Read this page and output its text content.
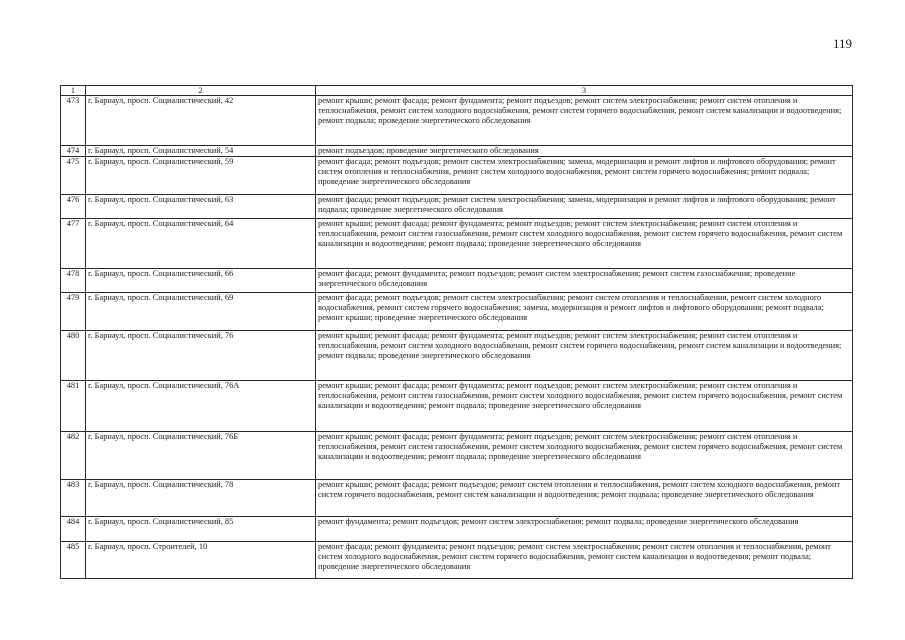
119
1	2	3
473	г. Барнаул, просп. Социалистический, 42	ремонт крыши; ремонт фасада; ремонт фундамента; ремонт подъездов; ремонт систем электроснабжения; ремонт систем отопления и теплоснабжения, ремонт систем холодного водоснабжения, ремонт систем горячего водоснабжения, ремонт систем канализации и водоотведения; ремонт подвала; проведение энергетического обследования
474	г. Барнаул, просп. Социалистический, 54	ремонт подъездов; проведение энергетического обследования
475	г. Барнаул, просп. Социалистический, 59	ремонт фасада; ремонт подъездов; ремонт систем электроснабжения; замена, модернизация и ремонт лифтов и лифтового оборудования; ремонт систем отопления и теплоснабжения, ремонт систем холодного водоснабжения, ремонт систем горячего водоснабжения; ремонт подвала; проведение энергетического обследования
476	г. Барнаул, просп. Социалистический, 63	ремонт фасада; ремонт подъездов; ремонт систем электроснабжения; замена, модернизация и ремонт лифтов и лифтового оборудования; ремонт подвала; проведение энергетического обследования
477	г. Барнаул, просп. Социалистический, 64	ремонт крыши; ремонт фасада; ремонт фундамента; ремонт подъездов; ремонт систем электроснабжения; ремонт систем отопления и теплоснабжения, ремонт систем газоснабжения, ремонт систем холодного водоснабжения, ремонт систем горячего водоснабжения, ремонт систем канализации и водоотведения; ремонт подвала; проведение энергетического обследования
478	г. Барнаул, просп. Социалистический, 66	ремонт фасада; ремонт фундамента; ремонт подъездов; ремонт систем электроснабжения; ремонт систем газоснабжения; проведение энергетического обследования
479	г. Барнаул, просп. Социалистический, 69	ремонт фасада; ремонт подъездов; ремонт систем электроснабжения; ремонт систем отопления и теплоснабжения, ремонт систем холодного водоснабжения, ремонт систем горячего водоснабжения; замена, модернизация и ремонт лифтов и лифтового оборудования; ремонт подвала; ремонт крыши; проведение энергетического обследования
480	г. Барнаул, просп. Социалистический, 76	ремонт крыши; ремонт фасада; ремонт фундамента; ремонт подъездов; ремонт систем электроснабжения; ремонт систем отопления и теплоснабжения, ремонт систем холодного водоснабжения, ремонт систем горячего водоснабжения, ремонт систем канализации и водоотведения; ремонт подвала; проведение энергетического обследования
481	г. Барнаул, просп. Социалистический, 76А	ремонт крыши; ремонт фасада; ремонт фундамента; ремонт подъездов; ремонт систем электроснабжения; ремонт систем отопления и теплоснабжения, ремонт систем газоснабжения, ремонт систем холодного водоснабжения, ремонт систем горячего водоснабжения, ремонт систем канализации и водоотведения; ремонт подвала; проведение энергетического обследования
482	г. Барнаул, просп. Социалистический, 76Б	ремонт крыши; ремонт фасада; ремонт фундамента; ремонт подъездов; ремонт систем электроснабжения; ремонт систем отопления и теплоснабжения, ремонт систем газоснабжения, ремонт систем холодного водоснабжения, ремонт систем горячего водоснабжения, ремонт систем канализации и водоотведения; ремонт подвала; проведение энергетического обследования
483	г. Барнаул, просп. Социалистический, 78	ремонт крыши; ремонт фасада; ремонт подъездов; ремонт систем отопления и теплоснабжения, ремонт систем холодного водоснабжения, ремонт систем горячего водоснабжения, ремонт систем канализации и водоотведения; ремонт подвала; проведение энергетического обследования
484	г. Барнаул, просп. Социалистический, 85	ремонт фундамента; ремонт подъездов; ремонт систем электроснабжения; ремонт подвала; проведение энергетического обследования
485	г. Барнаул, просп. Строителей, 10	ремонт фасада; ремонт фундамента; ремонт подъездов; ремонт систем электроснабжения; ремонт систем отопления и теплоснабжения, ремонт систем холодного водоснабжения, ремонт систем горячего водоснабжения, ремонт систем канализации и водоотведения; ремонт подвала; проведение энергетического обследования
